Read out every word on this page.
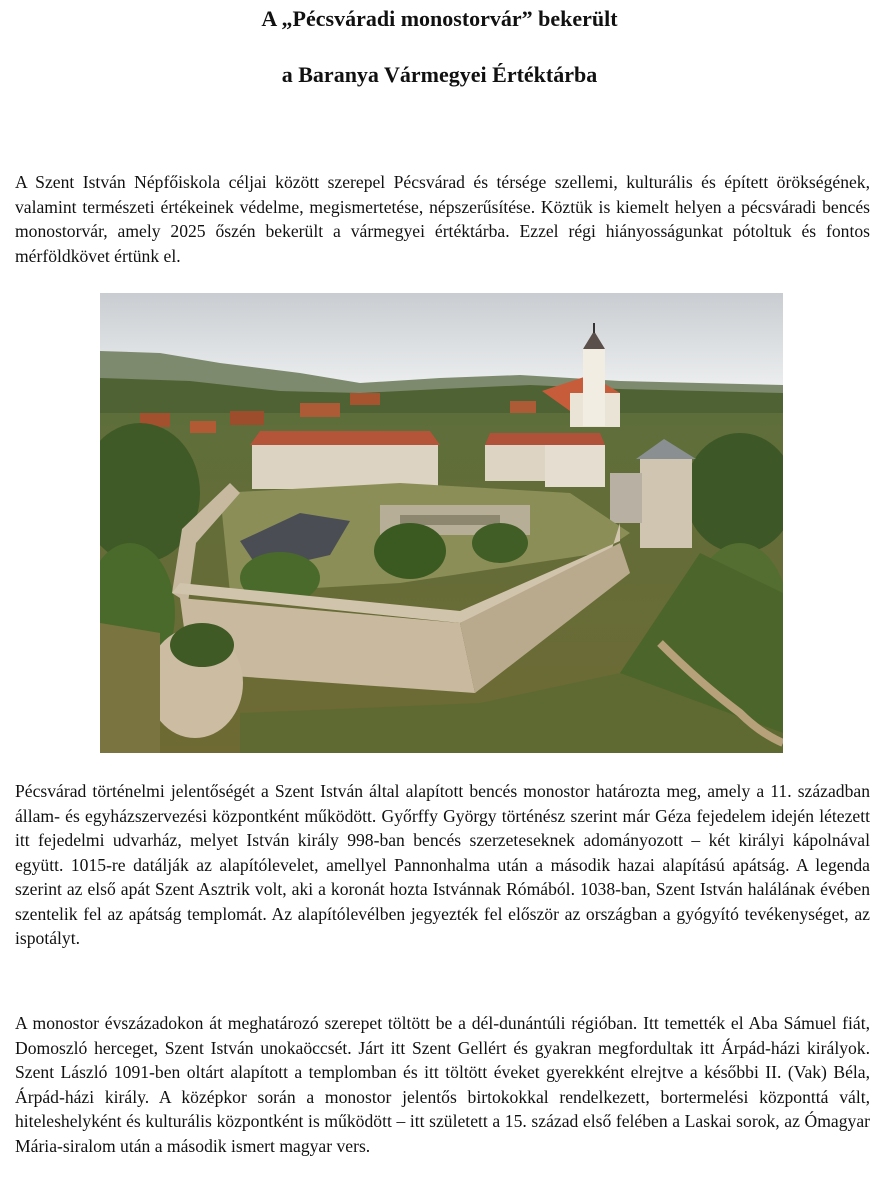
A „Pécsváradi monostorvár” bekerült
a Baranya Vármegyei Értéktárba

A Szent István Népfőiskola céljai között szerepel Pécsvárad és térsége szellemi, kulturális és épített örökségének, valamint természeti értékeinek védelme, megismertetése, népszerűsítése. Köztük is kiemelt helyen a pécsváradi bencés monostorvár, amely 2025 őszén bekerült a vármegyei értéktárba. Ezzel régi hiányosságunkat pótoltuk és fontos mérföldkövet értünk el.

Pécsvárad történelmi jelentőségét a Szent István által alapított bencés monostor határozta meg, amely a 11. században állam- és egyházszervezési központként működött. Győrffy György történész szerint már Géza fejedelem idején létezett itt fejedelmi udvarház, melyet István király 998-ban bencés szerzeteseknek adományozott – két királyi kápolnával együtt. 1015-re datálják az alapítólevelet, amellyel Pannonhalma után a második hazai alapítású apátság. A legenda szerint az első apát Szent Asztrik volt, aki a koronát hozta Istvánnak Rómából. 1038-ban, Szent István halálának évében szentelik fel az apátság templomát. Az alapítólevélben jegyezték fel először az országban a gyógyító tevékenységet, az ispotályt.

A monostor évszázadokon át meghatározó szerepet töltött be a dél-dunántúli régióban. Itt temették el Aba Sámuel fiát, Domoszló herceget, Szent István unokaöccsét. Járt itt Szent Gellért és gyakran megfordultak itt Árpád-házi királyok. Szent László 1091-ben oltárt alapított a templomban és itt töltött éveket gyerekként elrejtve a későbbi II. (Vak) Béla, Árpád-házi király. A középkor során a monostor jelentős birtokokkal rendelkezett, bortermelési központtá vált, hiteleshelyként és kulturális központként is működött – itt született a 15. század első felében a Laskai sorok, az Ómagyar Mária-siralom után a második ismert magyar vers.
